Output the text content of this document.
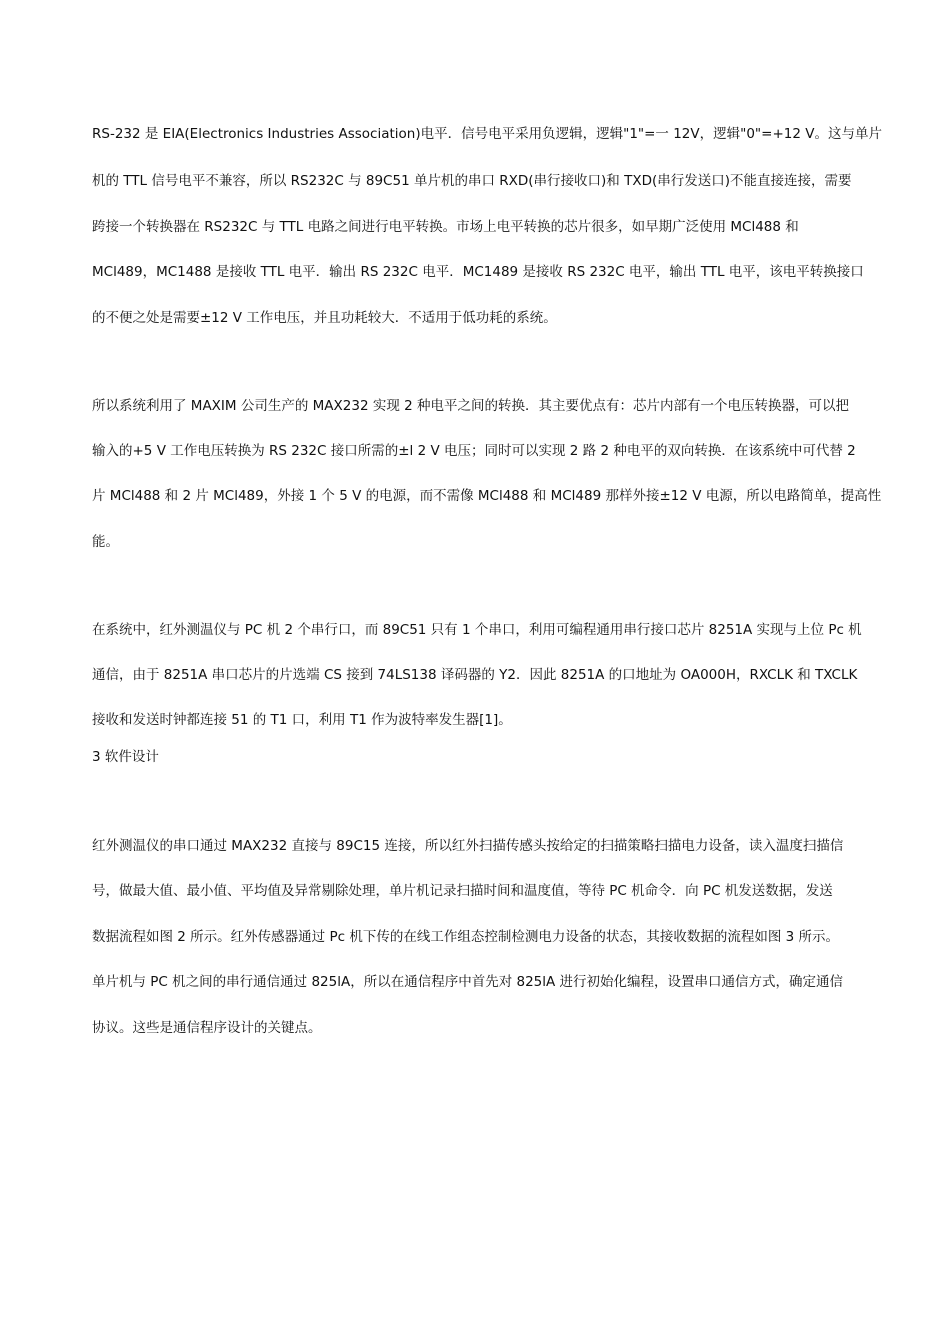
RS-232 是 EIA(Electronics Industries Association)电平．信号电平采用负逻辑，逻辑"1"=一 12V，逻辑"0"=+12 V。这与单片
机的 TTL 信号电平不兼容，所以 RS232C 与 89C51 单片机的串口 RXD(串行接收口)和 TXD(串行发送口)不能直接连接，需要
跨接一个转换器在 RS232C 与 TTL 电路之间进行电平转换。市场上电平转换的芯片很多，如早期广泛使用 MCl488 和
MCl489，MC1488 是接收 TTL 电平．输出 RS 232C 电平．MC1489 是接收 RS 232C 电平，输出 TTL 电平，该电平转换接口
的不便之处是需要±12 V 工作电压，并且功耗较大．不适用于低功耗的系统。
所以系统利用了 MAXIM 公司生产的 MAX232 实现 2 种电平之间的转换．其主要优点有：芯片内部有一个电压转换器，可以把
输入的+5 V 工作电压转换为 RS 232C 接口所需的±l 2 V 电压；同时可以实现 2 路 2 种电平的双向转换．在该系统中可代替 2
片 MCl488 和 2 片 MCl489，外接 1 个 5 V 的电源，而不需像 MCl488 和 MCl489 那样外接±12 V 电源，所以电路简单，提高性
能。
在系统中，红外测温仪与 PC 机 2 个串行口，而 89C51 只有 1 个串口，利用可编程通用串行接口芯片 8251A 实现与上位 Pc 机
通信，由于 8251A 串口芯片的片选端 CS 接到 74LS138 译码器的 Y2．因此 8251A 的口地址为 OA000H，RXCLK 和 TXCLK
接收和发送时钟都连接 51 的 T1 口，利用 T1 作为波特率发生器[1]。
3 软件设计
红外测温仪的串口通过 MAX232 直接与 89C15 连接，所以红外扫描传感头按给定的扫描策略扫描电力设备，读入温度扫描信
号，做最大值、最小值、平均值及异常剔除处理，单片机记录扫描时间和温度值，等待 PC 机命令．向 PC 机发送数据，发送
数据流程如图 2 所示。红外传感器通过 Pc 机下传的在线工作组态控制检测电力设备的状态，其接收数据的流程如图 3 所示。
单片机与 PC 机之间的串行通信通过 825lA，所以在通信程序中首先对 825lA 进行初始化编程，设置串口通信方式，确定通信
协议。这些是通信程序设计的关键点。
